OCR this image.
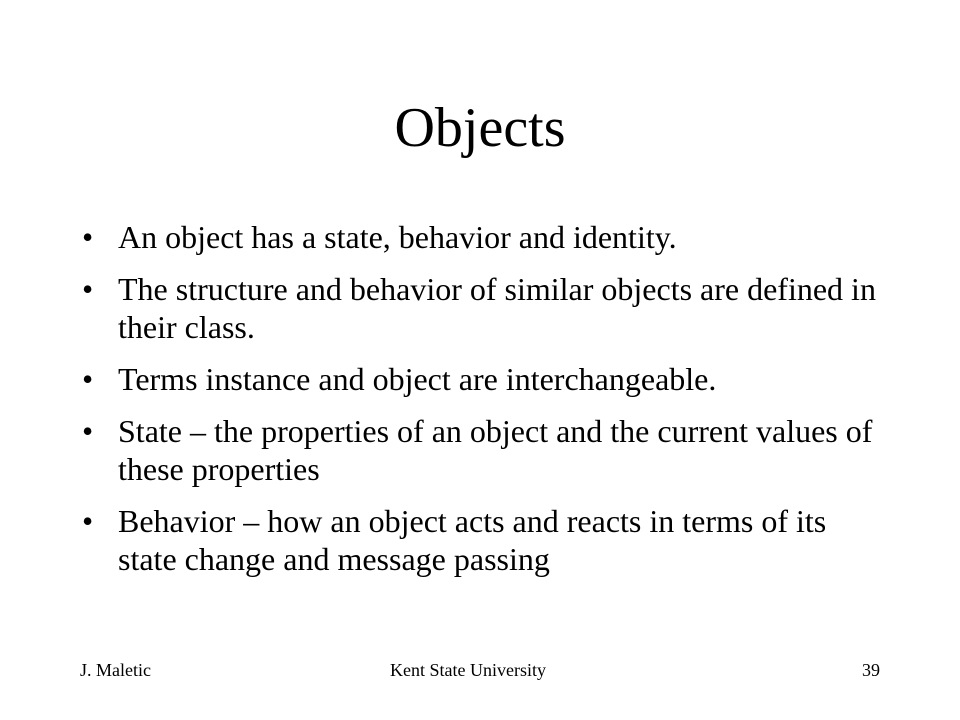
Objects
• An object has a state, behavior and identity.
• The structure and behavior of similar objects are defined in their class.
• Terms instance and object are interchangeable.
• State – the properties of an object and the current values of these properties
• Behavior – how an object acts and reacts in terms of its state change and message passing
J. Maletic	Kent State University	39
